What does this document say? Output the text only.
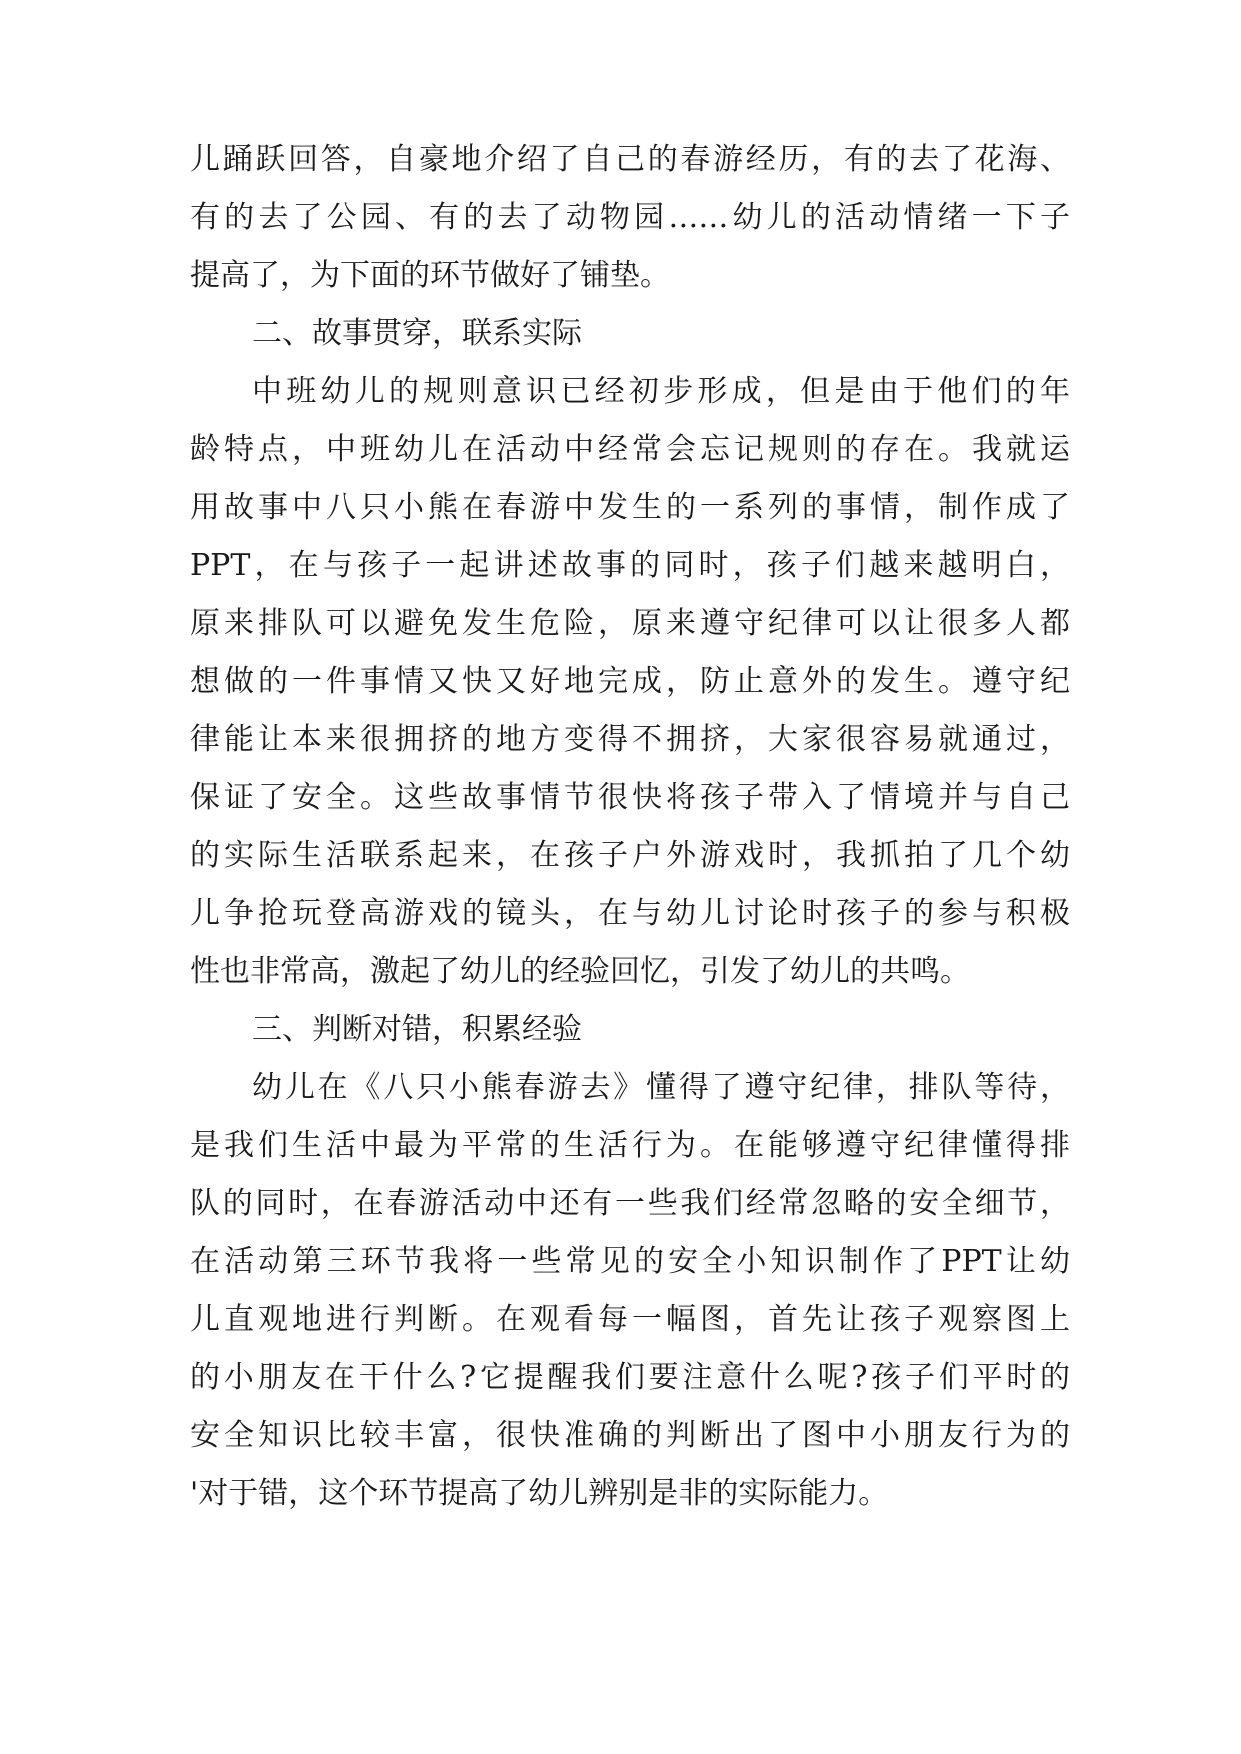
儿踊跃回答，自豪地介绍了自己的春游经历，有的去了花海、
有的去了公园、有的去了动物园……幼儿的活动情绪一下子
提高了，为下面的环节做好了铺垫。
二、故事贯穿，联系实际
中班幼儿的规则意识已经初步形成，但是由于他们的年
龄特点，中班幼儿在活动中经常会忘记规则的存在。我就运
用故事中八只小熊在春游中发生的一系列的事情，制作成了
PPT，在与孩子一起讲述故事的同时，孩子们越来越明白，
原来排队可以避免发生危险，原来遵守纪律可以让很多人都
想做的一件事情又快又好地完成，防止意外的发生。遵守纪
律能让本来很拥挤的地方变得不拥挤，大家很容易就通过，
保证了安全。这些故事情节很快将孩子带入了情境并与自己
的实际生活联系起来，在孩子户外游戏时，我抓拍了几个幼
儿争抢玩登高游戏的镜头，在与幼儿讨论时孩子的参与积极
性也非常高，激起了幼儿的经验回忆，引发了幼儿的共鸣。
三、判断对错，积累经验
幼儿在《八只小熊春游去》懂得了遵守纪律，排队等待，
是我们生活中最为平常的生活行为。在能够遵守纪律懂得排
队的同时，在春游活动中还有一些我们经常忽略的安全细节，
在活动第三环节我将一些常见的安全小知识制作了PPT让幼
儿直观地进行判断。在观看每一幅图，首先让孩子观察图上
的小朋友在干什么?它提醒我们要注意什么呢?孩子们平时的
安全知识比较丰富，很快准确的判断出了图中小朋友行为的
'对于错，这个环节提高了幼儿辨别是非的实际能力。
